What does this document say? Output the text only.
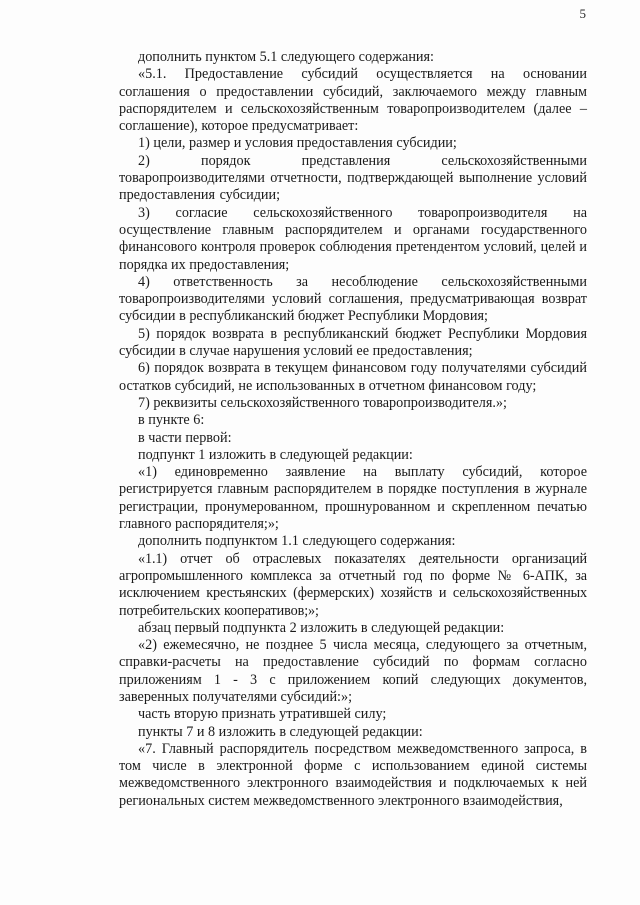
5

дополнить пунктом 5.1 следующего содержания:

«5.1. Предоставление субсидий осуществляется на основании соглашения о предоставлении субсидий, заключаемого между главным распорядителем и сельскохозяйственным товаропроизводителем (далее – соглашение), которое предусматривает:

1) цели, размер и условия предоставления субсидии;

2) порядок представления сельскохозяйственными товаропроизводителями отчетности, подтверждающей выполнение условий предоставления субсидии;

3) согласие сельскохозяйственного товаропроизводителя на осуществление главным распорядителем и органами государственного финансового контроля проверок соблюдения претендентом условий, целей и порядка их предоставления;

4) ответственность за несоблюдение сельскохозяйственными товаропроизводителями условий соглашения, предусматривающая возврат субсидии в республиканский бюджет Республики Мордовия;

5) порядок возврата в республиканский бюджет Республики Мордовия субсидии в случае нарушения условий ее предоставления;

6) порядок возврата в текущем финансовом году получателями субсидий остатков субсидий, не использованных в отчетном финансовом году;

7) реквизиты сельскохозяйственного товаропроизводителя.»;

в пункте 6:

в части первой:

подпункт 1 изложить в следующей редакции:

«1) единовременно заявление на выплату субсидий, которое регистрируется главным распорядителем в порядке поступления в журнале регистрации, пронумерованном, прошнурованном и скрепленном печатью главного распорядителя;»;

дополнить подпунктом 1.1 следующего содержания:

«1.1) отчет об отраслевых показателях деятельности организаций агропромышленного комплекса за отчетный год по форме № 6-АПК, за исключением крестьянских (фермерских) хозяйств и сельскохозяйственных потребительских кооперативов;»;

абзац первый подпункта 2 изложить в следующей редакции:

«2) ежемесячно, не позднее 5 числа месяца, следующего за отчетным, справки-расчеты на предоставление субсидий по формам согласно приложениям 1 - 3 с приложением копий следующих документов, заверенных получателями субсидий:»;

часть вторую признать утратившей силу;

пункты 7 и 8 изложить в следующей редакции:

«7. Главный распорядитель посредством межведомственного запроса, в том числе в электронной форме с использованием единой системы межведомственного электронного взаимодействия и подключаемых к ней региональных систем межведомственного электронного взаимодействия,
